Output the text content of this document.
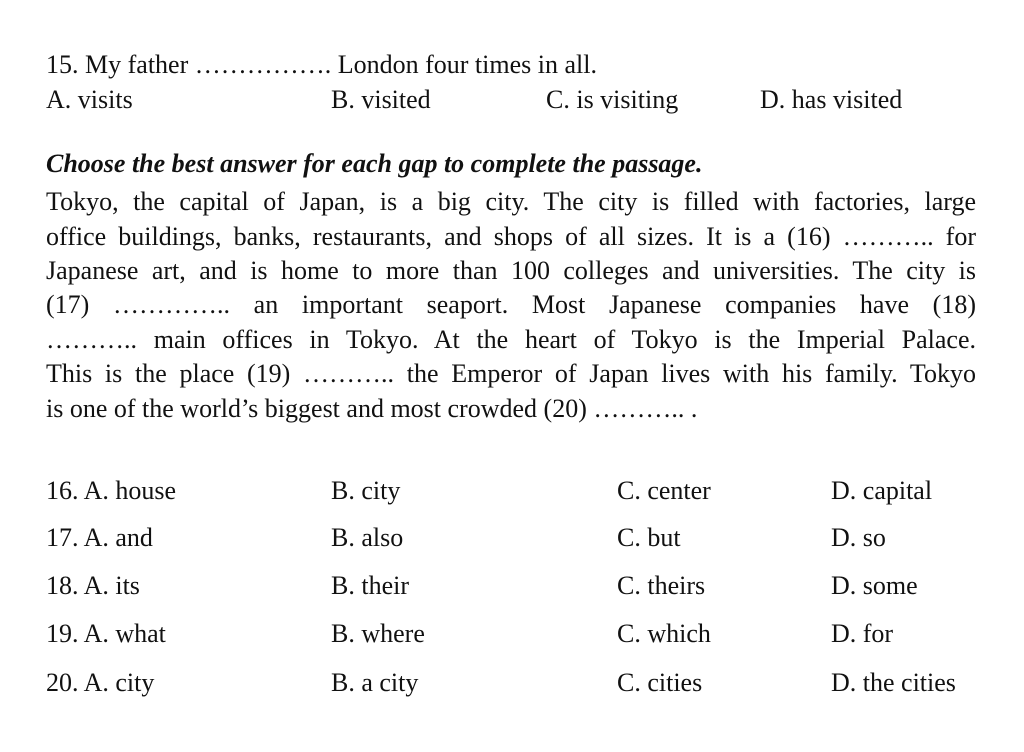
15. My father ……………. London four times in all.
A. visits	B. visited	C. is visiting	D. has visited
Choose the best answer for each gap to complete the passage.
Tokyo, the capital of Japan, is a big city. The city is filled with factories, large
office buildings, banks, restaurants, and shops of all sizes. It is a (16) ……….. for
Japanese art, and is home to more than 100 colleges and universities. The city is
(17) ………….. an important seaport. Most Japanese companies have (18)
……….. main offices in Tokyo. At the heart of Tokyo is the Imperial Palace.
This is the place (19) ……….. the Emperor of Japan lives with his family. Tokyo
is one of the world’s biggest and most crowded (20) ……….. .
16. A. house	B. city	C. center	D. capital
17. A. and	B. also	C. but	D. so
18. A. its	B. their	C. theirs	D. some
19. A. what	B. where	C. which	D. for
20. A. city	B. a city	C. cities	D. the cities
